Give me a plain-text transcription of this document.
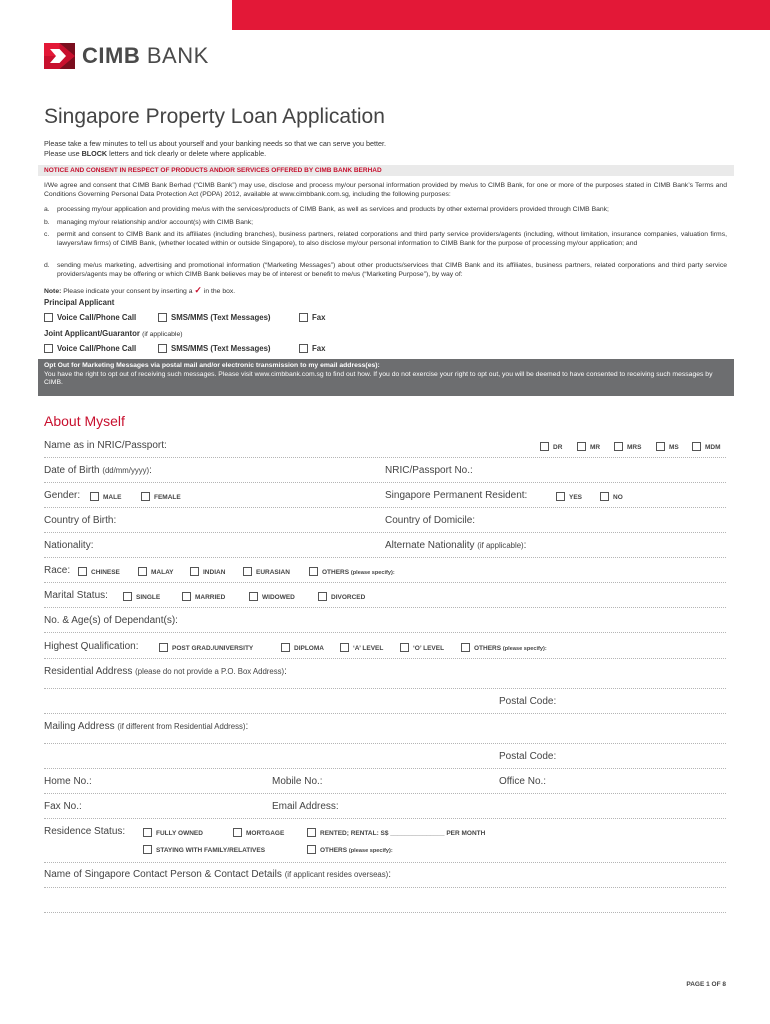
CIMB BANK
Singapore Property Loan Application
Please take a few minutes to tell us about yourself and your banking needs so that we can serve you better.
Please use BLOCK letters and tick clearly or delete where applicable.
NOTICE AND CONSENT IN RESPECT OF PRODUCTS AND/OR SERVICES OFFERED BY CIMB BANK BERHAD
I/We agree and consent that CIMB Bank Berhad (“CIMB Bank”) may use, disclose and process my/our personal information provided by me/us to CIMB Bank, for one or more of the purposes stated in CIMB Bank’s Terms and Conditions Governing Personal Data Protection Act (PDPA) 2012, available at www.cimbbank.com.sg, including the following purposes:
a. processing my/our application and providing me/us with the services/products of CIMB Bank, as well as services and products by other external providers provided through CIMB Bank;
b. managing my/our relationship and/or account(s) with CIMB Bank;
c. permit and consent to CIMB Bank and its affiliates (including branches), business partners, related corporations and third party service providers/agents (including, without limitation, insurance companies, valuation firms, lawyers/law firms) of CIMB Bank, (whether located within or outside Singapore), to also disclose my/our personal information to CIMB Bank for the purpose of processing my/our application; and
d. sending me/us marketing, advertising and promotional information (“Marketing Messages”) about other products/services that CIMB Bank and its affiliates, business partners, related corporations and third party service providers/agents may be offering or which CIMB Bank believes may be of interest or benefit to me/us (“Marketing Purpose”), by way of:
Note: Please indicate your consent by inserting a ✓ in the box.
Principal Applicant
Voice Call/Phone Call	SMS/MMS (Text Messages)	Fax
Joint Applicant/Guarantor (if applicable)
Voice Call/Phone Call	SMS/MMS (Text Messages)	Fax
Opt Out for Marketing Messages via postal mail and/or electronic transmission to my email address(es):
You have the right to opt out of receiving such messages. Please visit www.cimbbank.com.sg to find out how. If you do not exercise your right to opt out, you will be deemed to have consented to receiving such messages by CIMB.
About Myself
Name as in NRIC/Passport:	DR	MR	MRS	MS	MDM
Date of Birth (dd/mm/yyyy):	NRIC/Passport No.:
Gender:	MALE	FEMALE	Singapore Permanent Resident:	YES	NO
Country of Birth:	Country of Domicile:
Nationality:	Alternate Nationality (if applicable):
Race:	CHINESE	MALAY	INDIAN	EURASIAN	OTHERS (please specify):
Marital Status:	SINGLE	MARRIED	WIDOWED	DIVORCED
No. & Age(s) of Dependant(s):
Highest Qualification:	POST GRAD./UNIVERSITY	DIPLOMA	‘A’ LEVEL	‘O’ LEVEL	OTHERS (please specify):
Residential Address (please do not provide a P.O. Box Address):
Postal Code:
Mailing Address (if different from Residential Address):
Postal Code:
Home No.:	Mobile No.:	Office No.:
Fax No.:	Email Address:
Residence Status:	FULLY OWNED	MORTGAGE	RENTED; RENTAL: S$ _______________ PER MONTH
STAYING WITH FAMILY/RELATIVES	OTHERS (please specify):
Name of Singapore Contact Person & Contact Details (if applicant resides overseas):
PAGE 1 OF 8
